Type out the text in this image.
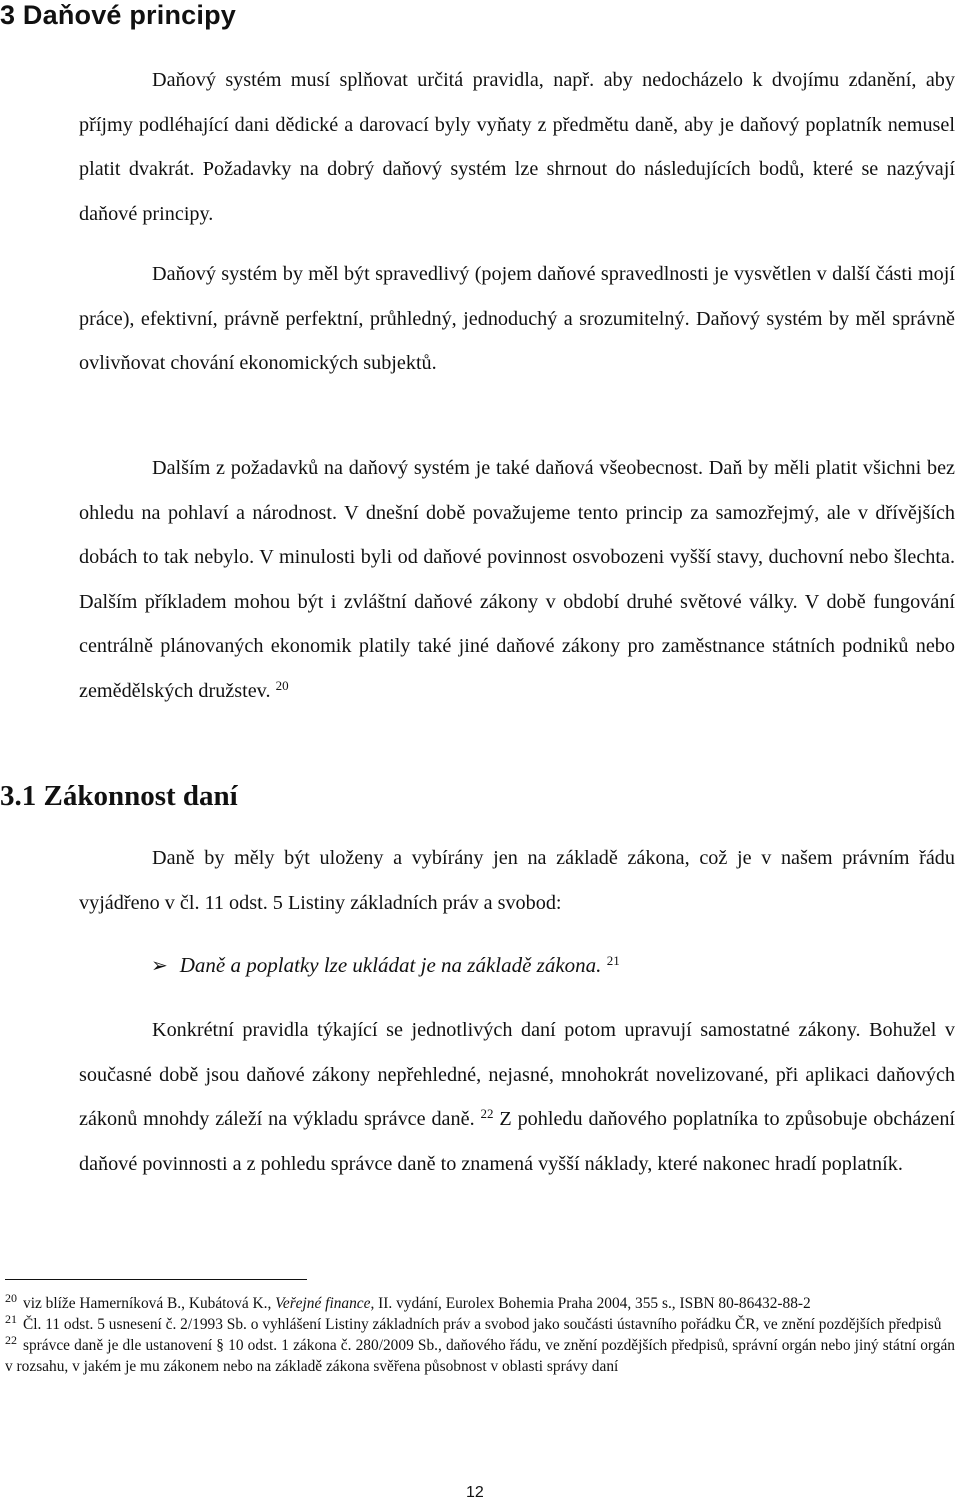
3 Daňové principy

Daňový systém musí splňovat určitá pravidla, např. aby nedocházelo k dvojímu zdanění, aby příjmy podléhající dani dědické a darovací byly vyňaty z předmětu daně, aby je daňový poplatník nemusel platit dvakrát. Požadavky na dobrý daňový systém lze shrnout do následujících bodů, které se nazývají daňové principy.

Daňový systém by měl být spravedlivý (pojem daňové spravedlnosti je vysvětlen v další části mojí práce), efektivní, právně perfektní, průhledný, jednoduchý a srozumitelný. Daňový systém by měl správně ovlivňovat chování ekonomických subjektů.

Dalším z požadavků na daňový systém je také daňová všeobecnost. Daň by měli platit všichni bez ohledu na pohlaví a národnost. V dnešní době považujeme tento princip za samozřejmý, ale v dřívějších dobách to tak nebylo. V minulosti byli od daňové povinnost osvobozeni vyšší stavy, duchovní nebo šlechta. Dalším příkladem mohou být i zvláštní daňové zákony v období druhé světové války. V době fungování centrálně plánovaných ekonomik platily také jiné daňové zákony pro zaměstnance státních podniků nebo zemědělských družstev. $^{20}$

3.1 Zákonnost daní

Daně by měly být uloženy a vybírány jen na základě zákona, což je v našem právním řádu vyjádřeno v čl. 11 odst. 5 Listiny základních práv a svobod:

➢ Daně a poplatky lze ukládat je na základě zákona. $^{21}$

Konkrétní pravidla týkající se jednotlivých daní potom upravují samostatné zákony. Bohužel v současné době jsou daňové zákony nepřehledné, nejasné, mnohokrát novelizované, při aplikaci daňových zákonů mnohdy záleží na výkladu správce daně. $^{22}$ Z pohledu daňového poplatníka to způsobuje obcházení daňové povinnosti a z pohledu správce daně to znamená vyšší náklady, které nakonec hradí poplatník.

$^{20}$ viz blíže Hamerníková B., Kubátová K., Veřejné finance, II. vydání, Eurolex Bohemia Praha 2004, 355 s., ISBN 80-86432-88-2

$^{21}$ Čl. 11 odst. 5 usnesení č. 2/1993 Sb. o vyhlášení Listiny základních práv a svobod jako součásti ústavního pořádku ČR, ve znění pozdějších předpisů

$^{22}$ správce daně je dle ustanovení § 10 odst. 1 zákona č. 280/2009 Sb., daňového řádu, ve znění pozdějších předpisů, správní orgán nebo jiný státní orgán v rozsahu, v jakém je mu zákonem nebo na základě zákona svěřena působnost v oblasti správy daní

12
